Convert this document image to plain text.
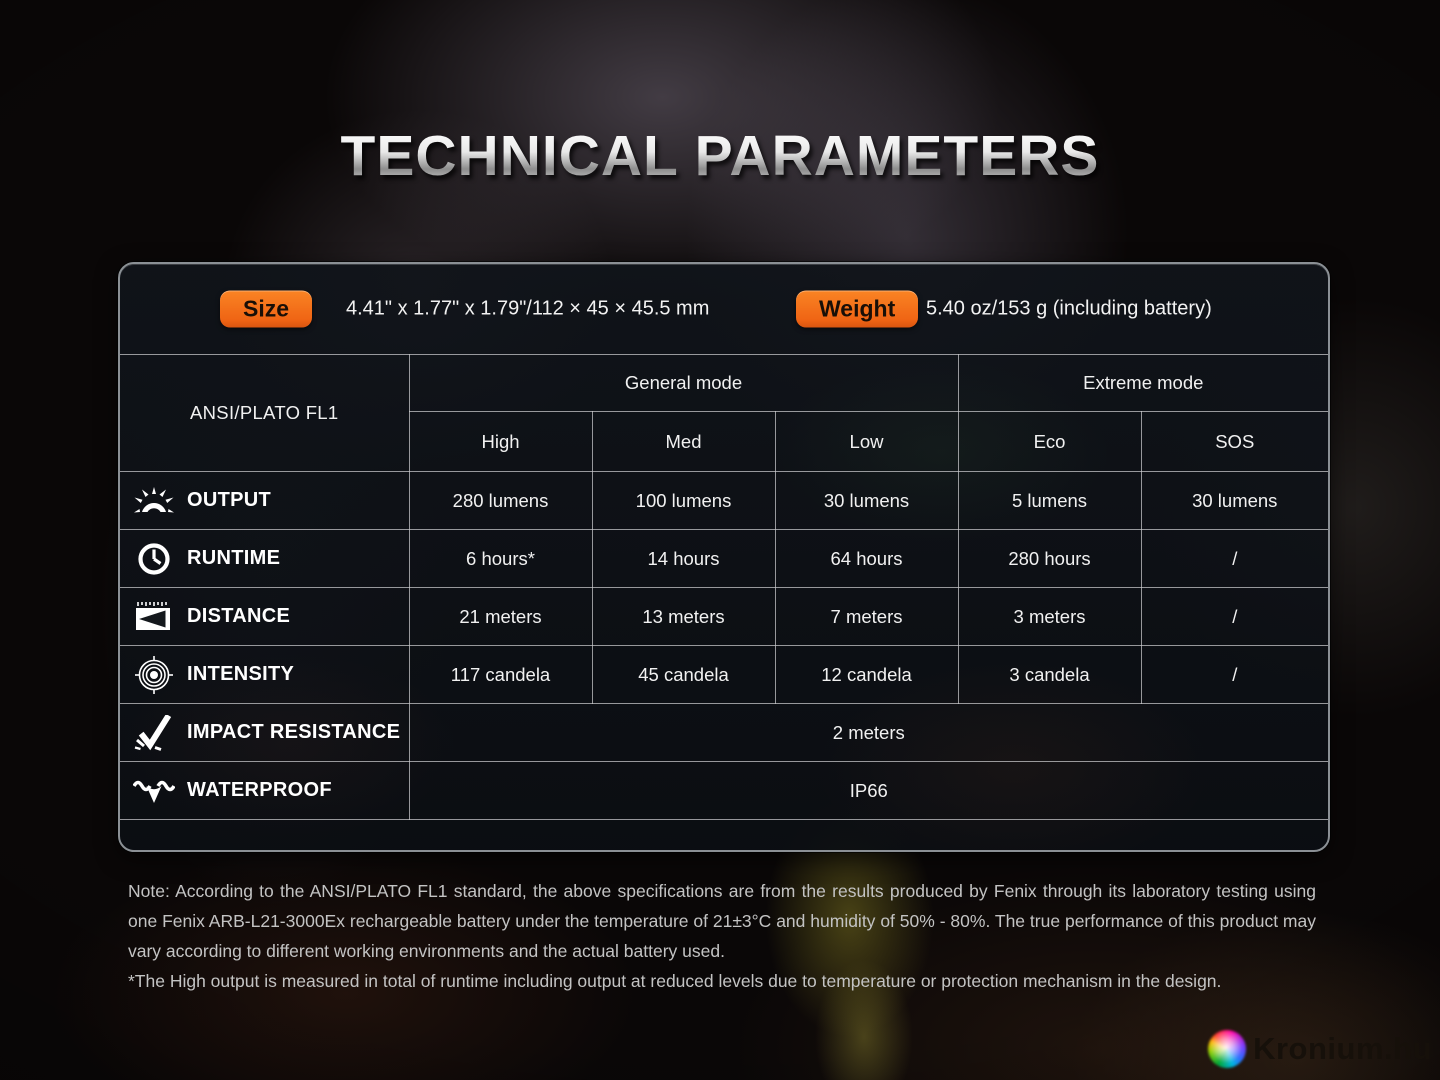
TECHNICAL PARAMETERS
Size	4.41" x 1.77" x 1.79"/112 × 45 × 45.5 mm	Weight	5.40 oz/153 g (including battery)
ANSI/PLATO FL1	General mode			Extreme mode	
	High	Med	Low	Eco	SOS

OUTPUT	280 lumens	100 lumens	30 lumens	5 lumens	30 lumens

RUNTIME	6 hours*	14 hours	64 hours	280 hours	/

DISTANCE	21 meters	13 meters	7 meters	3 meters	/

INTENSITY	117 candela	45 candela	12 candela	3 candela	/

IMPACT RESISTANCE	2 meters				

WATERPROOF	IP66				

Note: According to the ANSI/PLATO FL1 standard, the above specifications are from the results produced by Fenix through its laboratory testing using one Fenix ARB-L21-3000Ex rechargeable battery under the temperature of 21±3°C and humidity of 50% - 80%. The true performance of this product may vary according to different working environments and the actual battery used.

*The High output is measured in total of runtime including output at reduced levels due to temperature or protection mechanism in the design.

Kronium.hu
